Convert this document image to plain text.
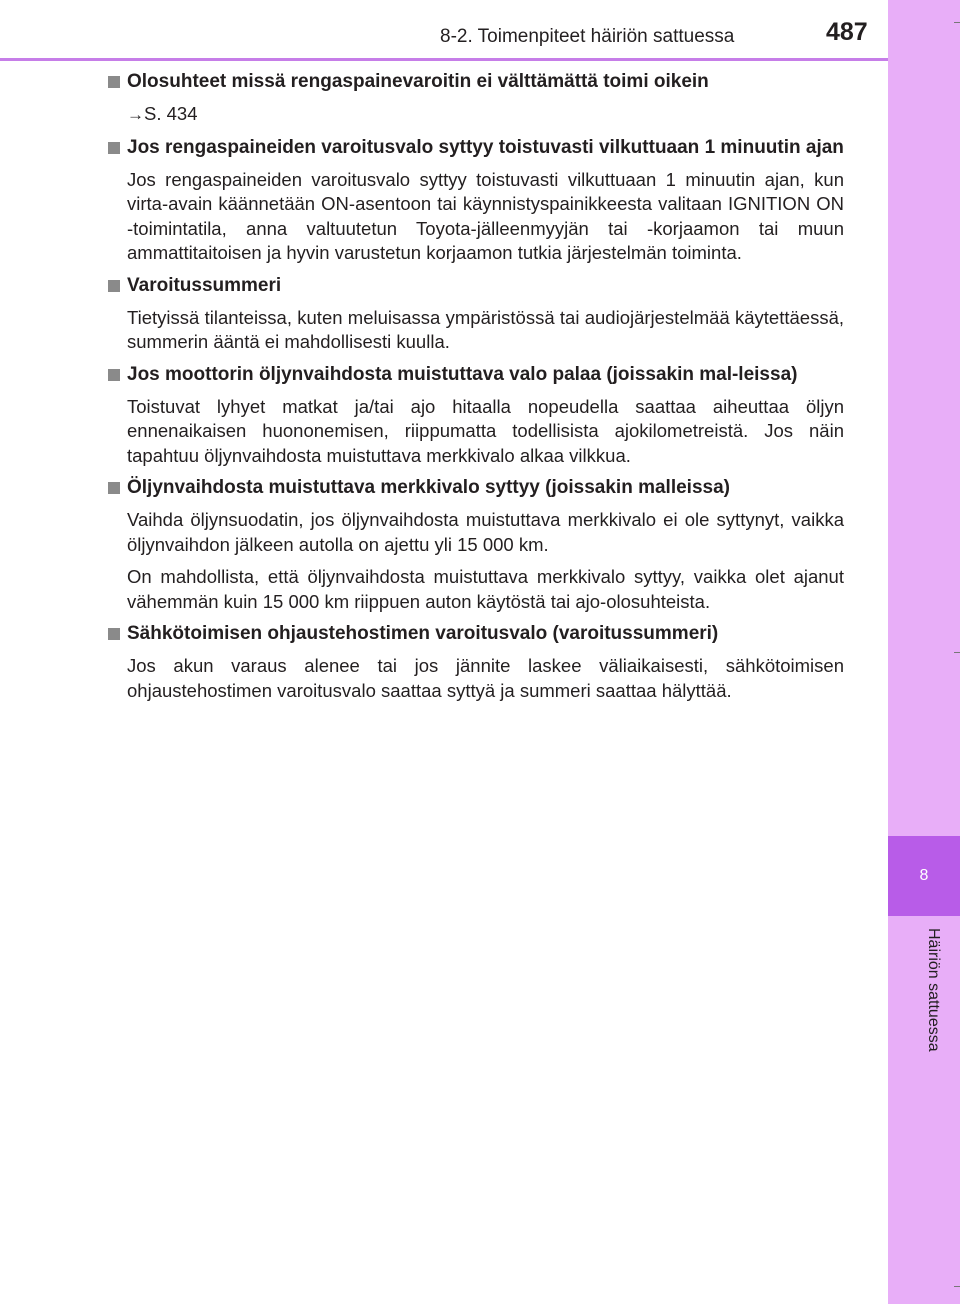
8-2. Toimenpiteet häiriön sattuessa	487
8
Häiriön sattuessa
Olosuhteet missä rengaspainevaroitin ei välttämättä toimi oikein
→S. 434
Jos rengaspaineiden varoitusvalo syttyy toistuvasti vilkuttuaan 1 minuutin ajan
Jos rengaspaineiden varoitusvalo syttyy toistuvasti vilkuttuaan 1 minuutin ajan, kun virta-avain käännetään ON-asentoon tai käynnistyspainikkeesta valitaan IGNITION ON -toimintatila, anna valtuutetun Toyota-jälleenmyyjän tai -korjaamon tai muun ammattitaitoisen ja hyvin varustetun korjaamon tutkia järjestelmän toiminta.
Varoitussummeri
Tietyissä tilanteissa, kuten meluisassa ympäristössä tai audiojärjestelmää käytettäessä, summerin ääntä ei mahdollisesti kuulla.
Jos moottorin öljynvaihdosta muistuttava valo palaa (joissakin mal-leissa)
Toistuvat lyhyet matkat ja/tai ajo hitaalla nopeudella saattaa aiheuttaa öljyn ennenaikaisen huononemisen, riippumatta todellisista ajokilometreistä. Jos näin tapahtuu öljynvaihdosta muistuttava merkkivalo alkaa vilkkua.
Öljynvaihdosta muistuttava merkkivalo syttyy (joissakin malleissa)
Vaihda öljynsuodatin, jos öljynvaihdosta muistuttava merkkivalo ei ole syttynyt, vaikka öljynvaihdon jälkeen autolla on ajettu yli 15 000 km.
On mahdollista, että öljynvaihdosta muistuttava merkkivalo syttyy, vaikka olet ajanut vähemmän kuin 15 000 km riippuen auton käytöstä tai ajo-olosuhteista.
Sähkötoimisen ohjaustehostimen varoitusvalo (varoitussummeri)
Jos akun varaus alenee tai jos jännite laskee väliaikaisesti, sähkötoimisen ohjaustehostimen varoitusvalo saattaa syttyä ja summeri saattaa hälyttää.
